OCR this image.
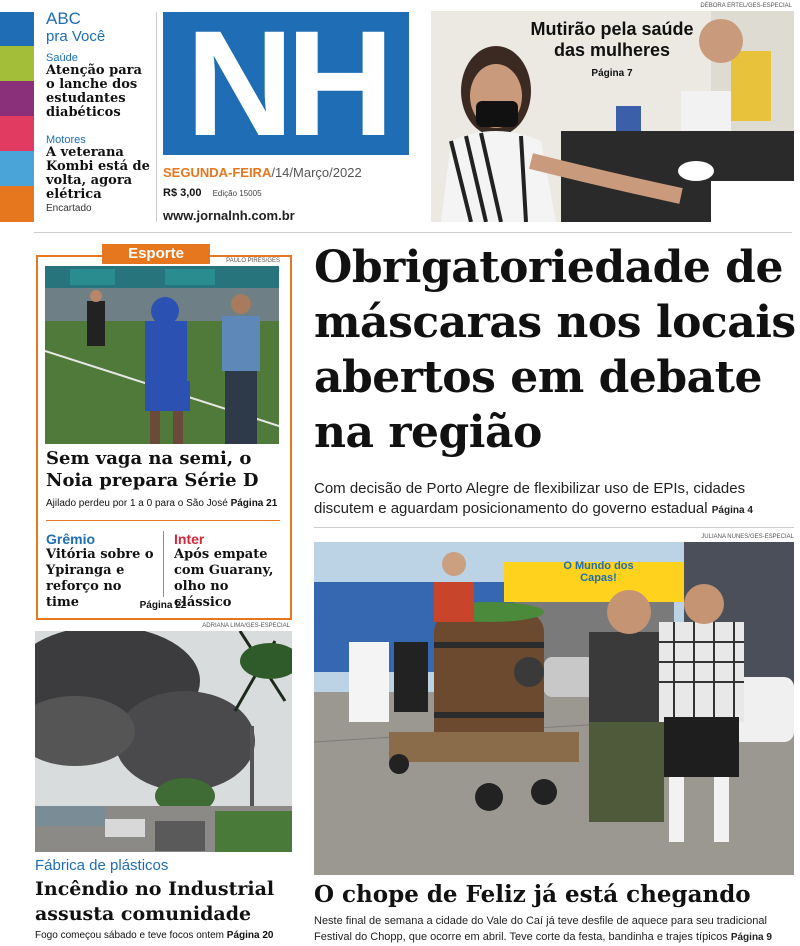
ABC
pra Você
Saúde
Atenção para o lanche dos estudantes diabéticos
Motores
A veterana Kombi está de volta, agora elétrica
Encartado
NH
SEGUNDA-FEIRA/14/Março/2022
R$ 3,00 Edição 15005
www.jornalnh.com.br
DÉBORA ERTEL/GES-ESPECIAL
Mutirão pela saúde das mulheres
Página 7
Esporte	PAULO PIRES/GES
Sem vaga na semi, o Noia prepara Série D
Ajilado perdeu por 1 a 0 para o São José Página 21
Grêmio
Vitória sobre o Ypiranga e reforço no time
Inter
Após empate com Guarany, olho no clássico
Página 22
ADRIANA LIMA/GES-ESPECIAL
Fábrica de plásticos
Incêndio no Industrial assusta comunidade
Fogo começou sábado e teve focos ontem Página 20
Obrigatoriedade de máscaras nos locais abertos em debate na região
Com decisão de Porto Alegre de flexibilizar uso de EPIs, cidades discutem e aguardam posicionamento do governo estadual Página 4
JULIANA NUNES/GES-ESPECIAL
O Mundo dos Capas!
O chope de Feliz já está chegando
Neste final de semana a cidade do Vale do Caí já teve desfile de aquece para seu tradicional Festival do Chopp, que ocorre em abril. Teve corte da festa, bandinha e trajes típicos Página 9
